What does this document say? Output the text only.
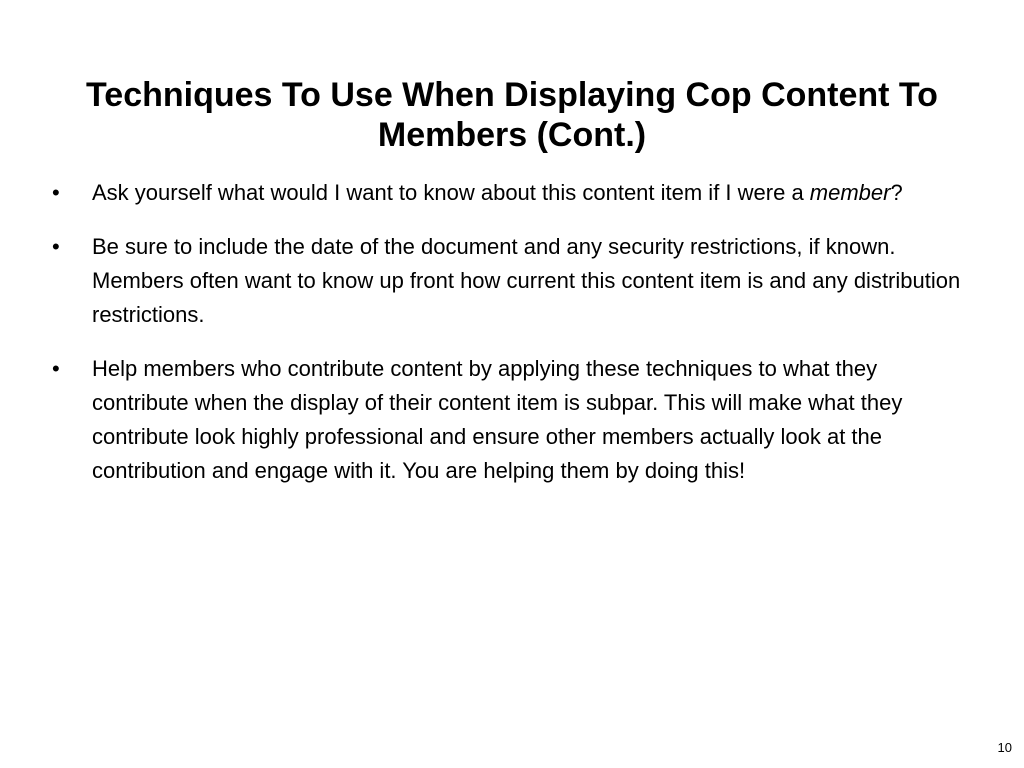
Techniques To Use When Displaying Cop Content To
Members (Cont.)
•	Ask yourself what would I want to know about this content item if I were a member?
•	Be sure to include the date of the document and any security restrictions, if known. Members often want to know up front how current this content item is and any distribution restrictions.
•	Help members who contribute content by applying these techniques to what they contribute when the display of their content item is subpar. This will make what they contribute look highly professional and ensure other members actually look at the contribution and engage with it. You are helping them by doing this!
10
